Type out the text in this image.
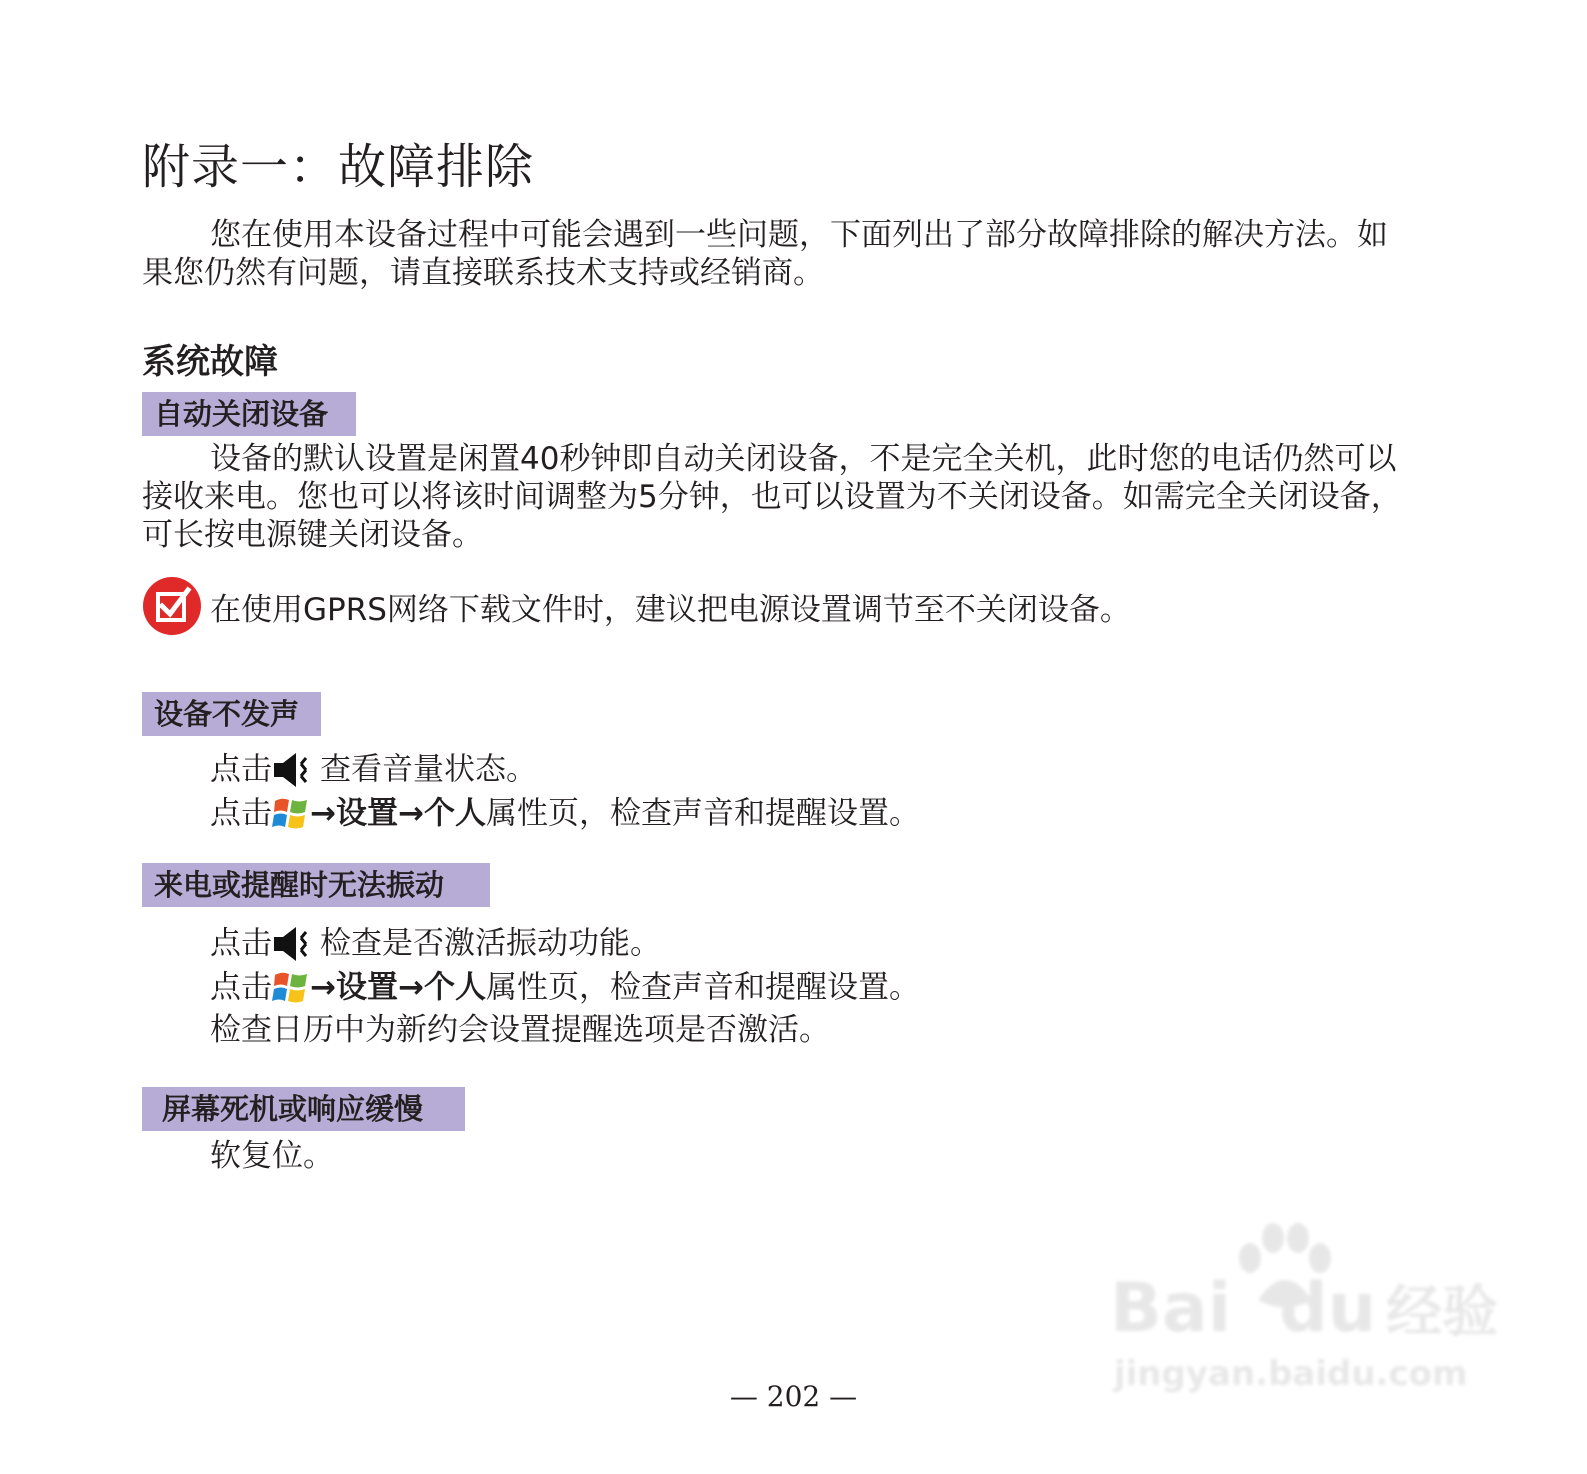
附录一：故障排除

您在使用本设备过程中可能会遇到一些问题，下面列出了部分故障排除的解决方法。如果您仍然有问题，请直接联系技术支持或经销商。

系统故障
自动关闭设备

设备的默认设置是闲置40秒钟即自动关闭设备，不是完全关机，此时您的电话仍然可以接收来电。您也可以将该时间调整为5分钟，也可以设置为不关闭设备。如需完全关闭设备，可长按电源键关闭设备。

在使用GPRS网络下载文件时，建议把电源设置调节至不关闭设备。
设备不发声
点击 查看音量状态。
点击 →设置→个人属性页，检查声音和提醒设置。
来电或提醒时无法振动
点击 检查是否激活振动功能。
点击 →设置→个人属性页，检查声音和提醒设置。
检查日历中为新约会设置提醒选项是否激活。
屏幕死机或响应缓慢
软复位。
Bai du 经验
jingyan.baidu.com
— 202 —
